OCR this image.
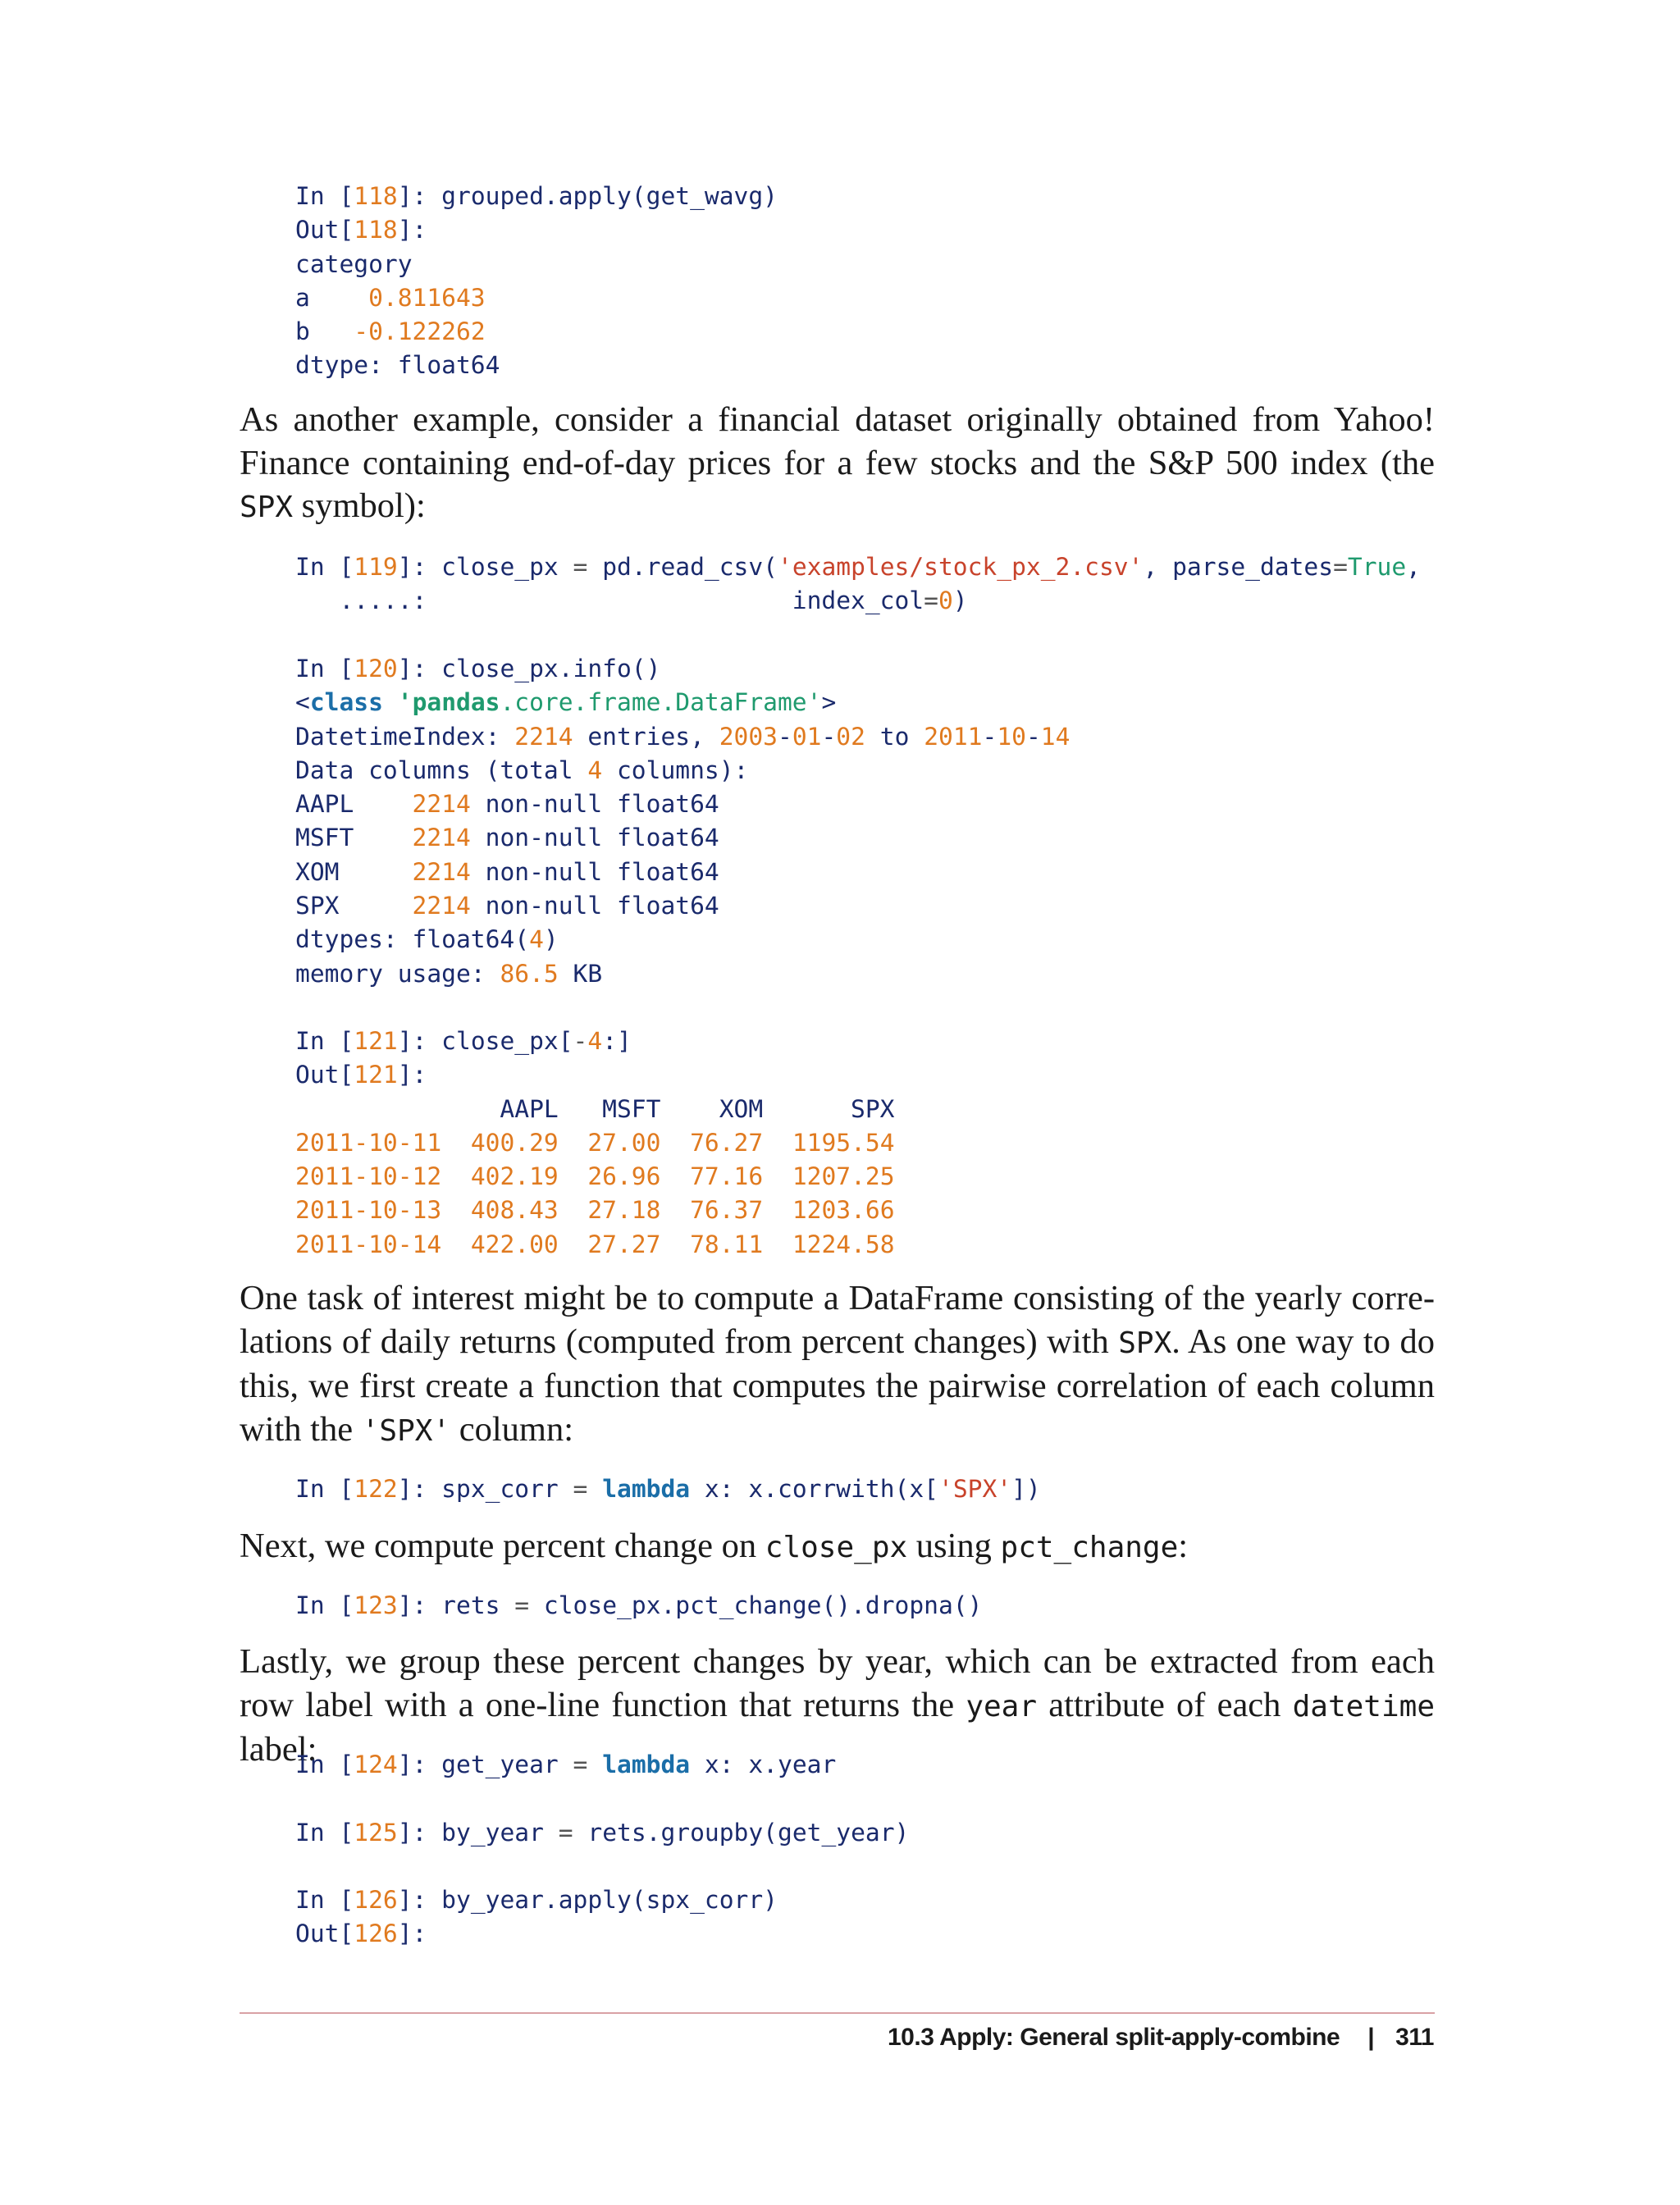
In [118]: grouped.apply(get_wavg)
Out[118]:
category
a    0.811643
b   -0.122262
dtype: float64

As another example, consider a financial dataset originally obtained from Yahoo! Finance containing end-of-day prices for a few stocks and the S&P 500 index (the SPX symbol):

In [119]: close_px = pd.read_csv('examples/stock_px_2.csv', parse_dates=True,
.....:                         index_col=0)
In [120]: close_px.info()
<class 'pandas.core.frame.DataFrame'>
DatetimeIndex: 2214 entries, 2003-01-02 to 2011-10-14
Data columns (total 4 columns):
AAPL    2214 non-null float64
MSFT    2214 non-null float64
XOM     2214 non-null float64
SPX     2214 non-null float64
dtypes: float64(4)
memory usage: 86.5 KB
In [121]: close_px[-4:]
Out[121]:
AAPL   MSFT    XOM      SPX
2011-10-11 400.29 27.00 76.27 1195.54
2011-10-12 402.19 26.96 77.16 1207.25
2011-10-13 408.43 27.18 76.37 1203.66
2011-10-14 422.00 27.27 78.11 1224.58

One task of interest might be to compute a DataFrame consisting of the yearly correlations of daily returns (computed from percent changes) with SPX. As one way to do this, we first create a function that computes the pairwise correlation of each column with the 'SPX' column:

In [122]: spx_corr = lambda x: x.corrwith(x['SPX'])

Next, we compute percent change on close_px using pct_change:

In [123]: rets = close_px.pct_change().dropna()

Lastly, we group these percent changes by year, which can be extracted from each row label with a one-line function that returns the year attribute of each datetime label:

In [124]: get_year = lambda x: x.year
In [125]: by_year = rets.groupby(get_year)
In [126]: by_year.apply(spx_corr)
Out[126]:
10.3 Apply: General split-apply-combine | 311
